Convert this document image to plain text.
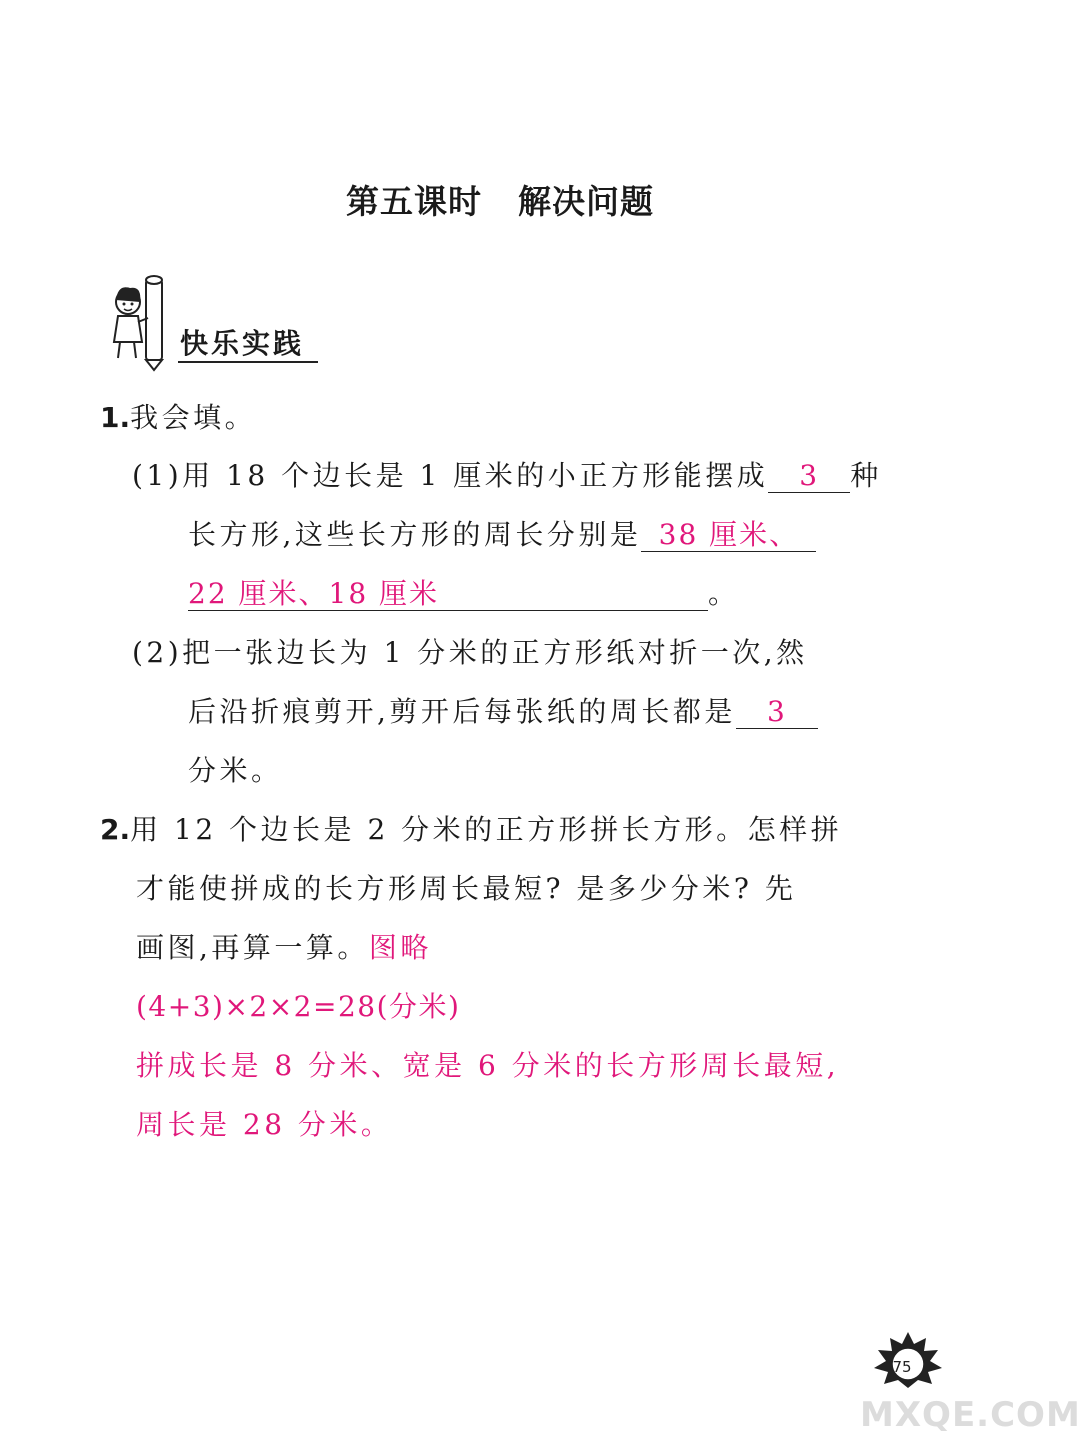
第五课时 解决问题
快乐实践
1.我会填。
(1)用 18 个边长是 1 厘米的小正方形能摆成 3 种
长方形,这些长方形的周长分别是 38 厘米、
22 厘米、18 厘米	。
(2)把一张边长为 1 分米的正方形纸对折一次,然
后沿折痕剪开,剪开后每张纸的周长都是 3
分米。
2.用 12 个边长是 2 分米的正方形拼长方形。怎样拼
才能使拼成的长方形周长最短? 是多少分米? 先
画图,再算一算。图略
(4+3)×2×2=28(分米)
拼成长是 8 分米、宽是 6 分米的长方形周长最短,
周长是 28 分米。
75
MXQE.COM
